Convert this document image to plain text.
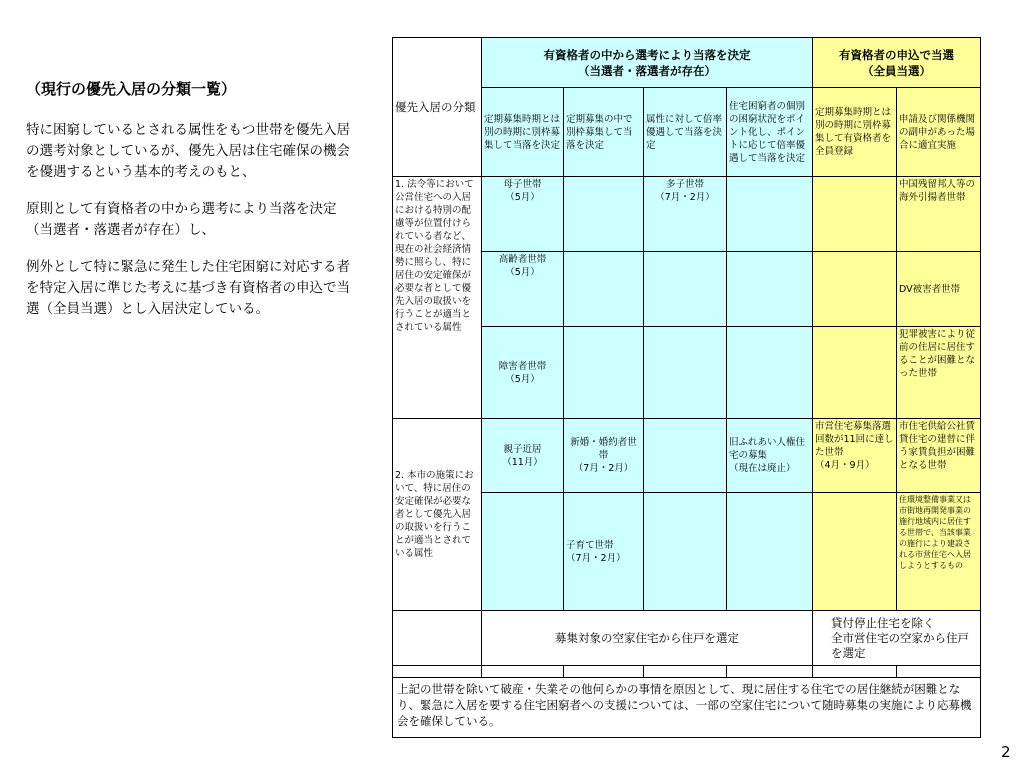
（現行の優先入居の分類一覧）

特に困窮しているとされる属性をもつ世帯を優先入居の選考対象としているが、優先入居は住宅確保の機会を優遇するという基本的考えのもと、

原則として有資格者の中から選考により当落を決定（当選者・落選者が存在）し、

例外として特に緊急に発生した住宅困窮に対応する者を特定入居に準じた考えに基づき有資格者の申込で当選（全員当選）とし入居決定している。

優先入居の分類	有資格者の中から選考により当落を決定
（当選者・落選者が存在）				有資格者の申込で当選
（全員当選）	
	定期募集時期とは別の時期に別枠募集して当落を決定	定期募集の中で別枠募集して当落を決定	属性に対して倍率優遇して当落を決定	住宅困窮者の個別の困窮状況をポイント化し、ポイントに応じて倍率優遇して当落を決定	定期募集時期とは別の時期に別枠募集して有資格者を全員登録	申請及び関係機関の副申があった場合に適宜実施
1. 法令等において公営住宅への入居における特別の配慮等が位置付けられている者など、現在の社会経済情勢に照らし、特に居住の安定確保が必要な者として優先入居の取扱いを行うことが適当とされている属性	母子世帯
（5月）		多子世帯
（7月・2月）			中国残留邦人等の海外引揚者世帯
	高齢者世帯
（5月）					DV被害者世帯
	障害者世帯
（5月）					犯罪被害により従前の住居に居住することが困難となった世帯
2. 本市の施策において、特に居住の安定確保が必要な者として優先入居の取扱いを行うことが適当とされている属性	親子近居
（11月）	新婚・婚約者世帯
（7月・2月）		旧ふれあい人権住宅の募集
（現在は廃止）	市営住宅募集落選回数が11回に達した世帯
（4月・9月）	市住宅供給公社賃貸住宅の建替に伴う家賃負担が困難となる世帯
		子育て世帯
（7月・2月）				住環境整備事業又は市街地再開発事業の施行地域内に居住する世帯で、当該事業の施行により建設される市営住宅へ入居しようとするもの
	募集対象の空家住宅から住戸を選定				貸付停止住宅を除く
全市営住宅の空家から住戸を選定	

上記の世帯を除いて破産・失業その他何らかの事情を原因として、現に居住する住宅での居住継続が困難となり、緊急に入居を要する住宅困窮者への支援については、一部の空家住宅について随時募集の実施により応募機会を確保している。						
2
